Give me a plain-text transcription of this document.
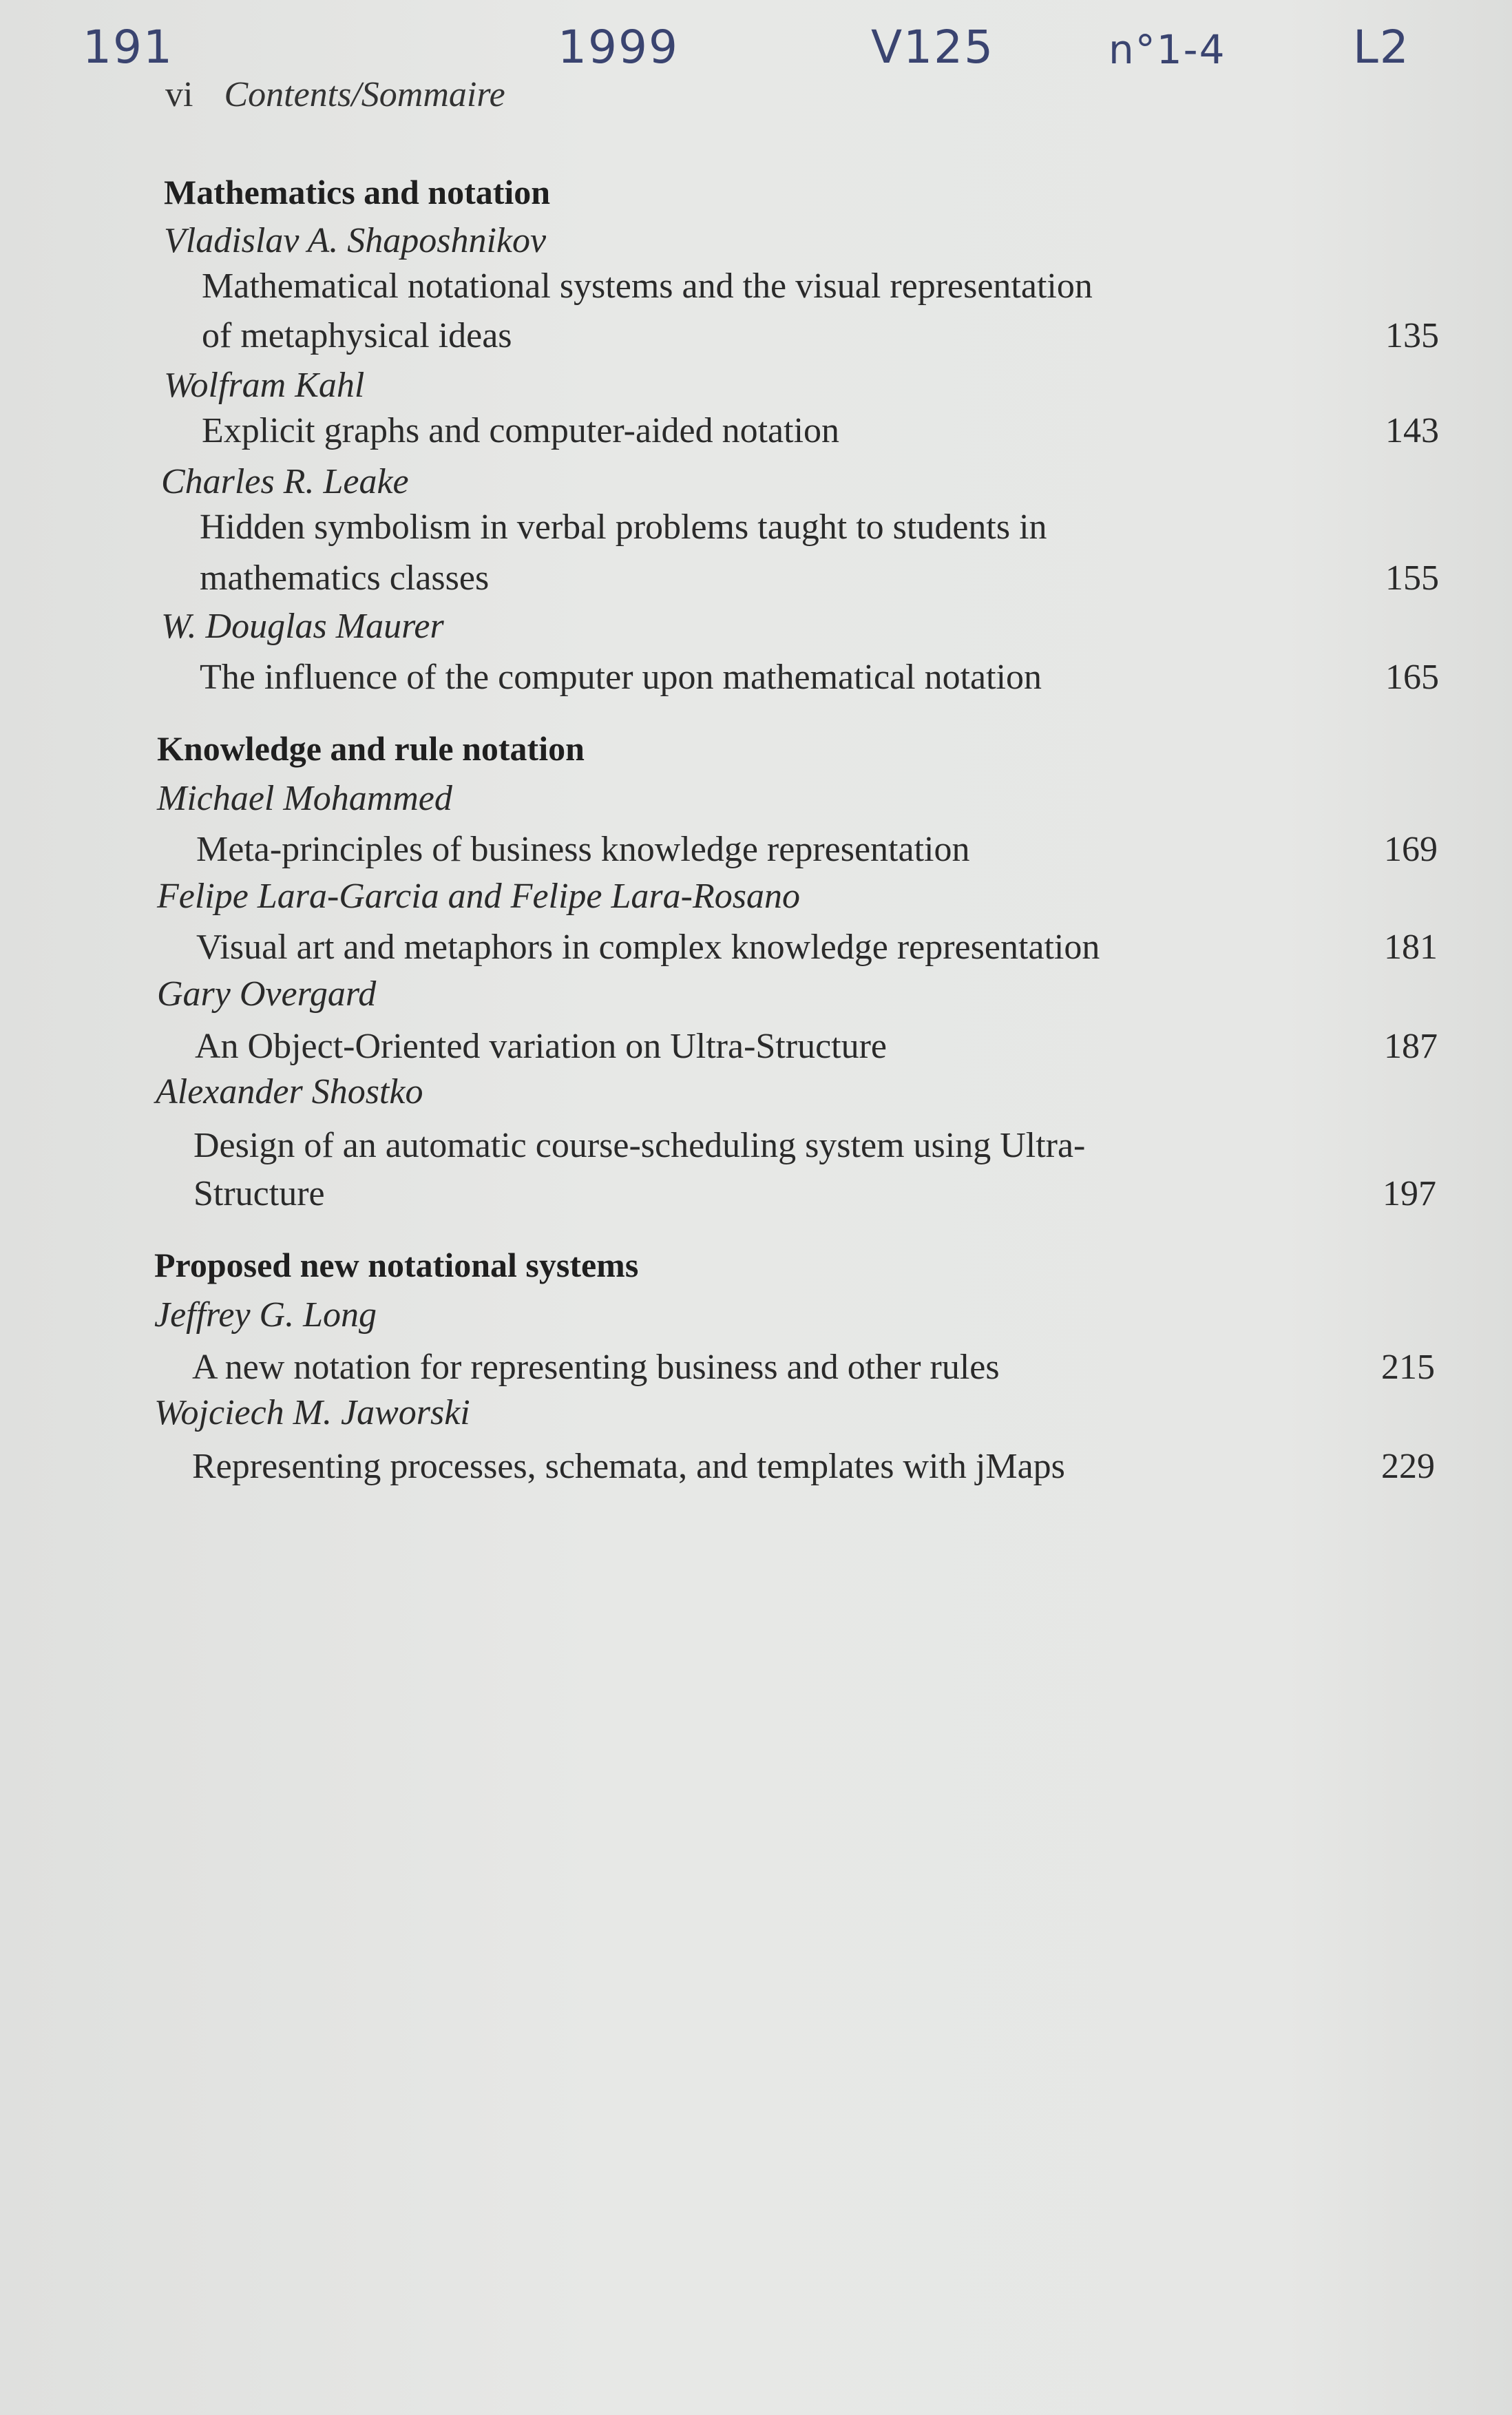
191	1999	V125	n°1-4	L2
vi Contents/Sommaire
Mathematics and notation
Vladislav A. Shaposhnikov
Mathematical notational systems and the visual representation
of metaphysical ideas	135
Wolfram Kahl
Explicit graphs and computer-aided notation	143
Charles R. Leake
Hidden symbolism in verbal problems taught to students in
mathematics classes	155
W. Douglas Maurer
The influence of the computer upon mathematical notation	165
Knowledge and rule notation
Michael Mohammed
Meta-principles of business knowledge representation	169
Felipe Lara-Garcia and Felipe Lara-Rosano
Visual art and metaphors in complex knowledge representation	181
Gary Overgard
An Object-Oriented variation on Ultra-Structure	187
Alexander Shostko
Design of an automatic course-scheduling system using Ultra-
Structure	197
Proposed new notational systems
Jeffrey G. Long
A new notation for representing business and other rules	215
Wojciech M. Jaworski
Representing processes, schemata, and templates with jMaps	229
